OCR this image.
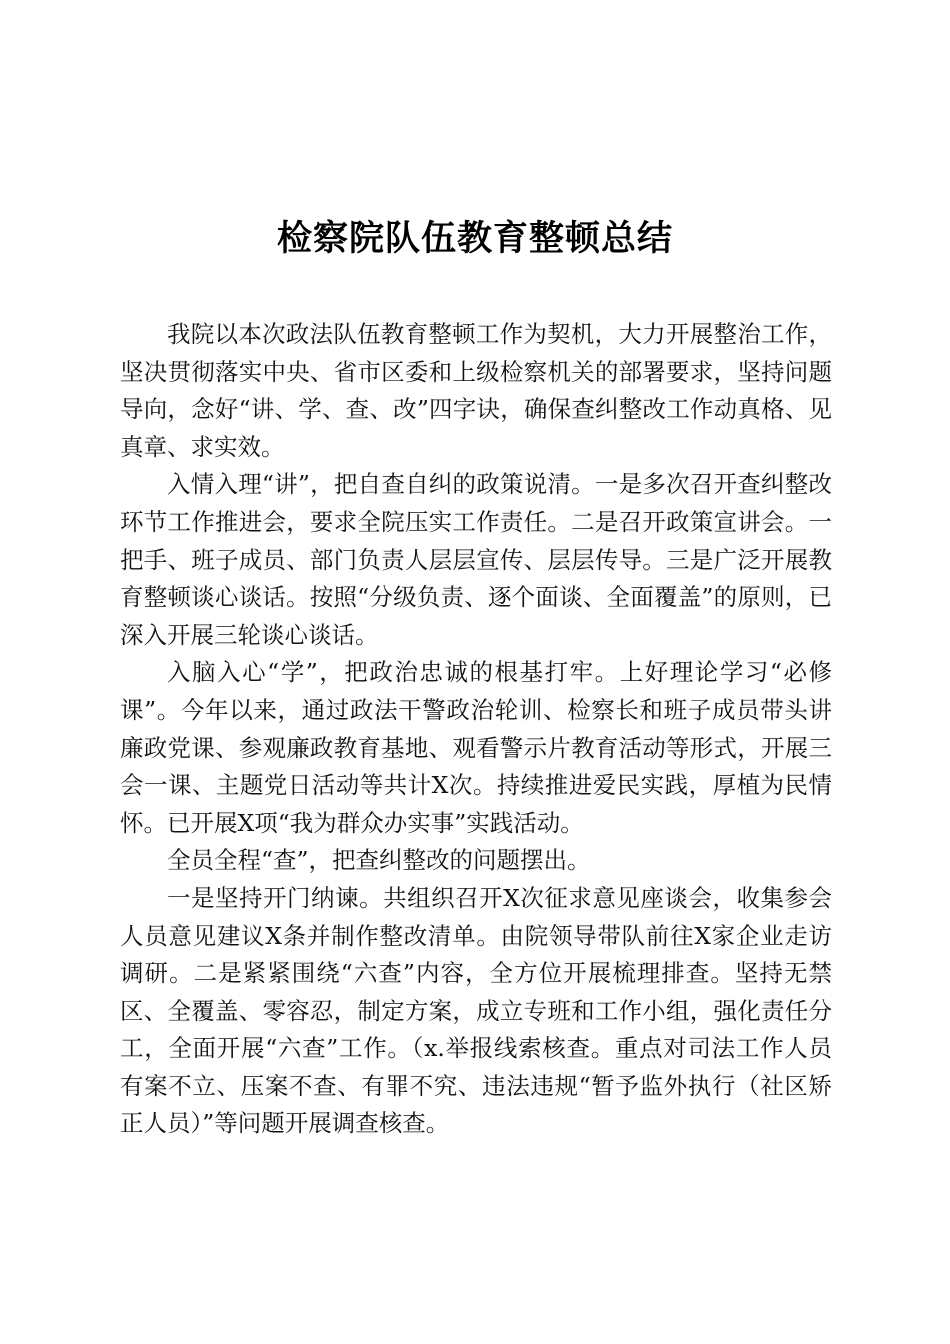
检察院队伍教育整顿总结

我院以本次政法队伍教育整顿工作为契机，大力开展整治工作，坚决贯彻落实中央、省市区委和上级检察机关的部署要求，坚持问题导向，念好“讲、学、查、改”四字诀，确保查纠整改工作动真格、见真章、求实效。

入情入理“讲”，把自查自纠的政策说清。一是多次召开查纠整改环节工作推进会，要求全院压实工作责任。二是召开政策宣讲会。一把手、班子成员、部门负责人层层宣传、层层传导。三是广泛开展教育整顿谈心谈话。按照“分级负责、逐个面谈、全面覆盖”的原则，已深入开展三轮谈心谈话。

入脑入心“学”，把政治忠诚的根基打牢。上好理论学习“必修课”。今年以来，通过政法干警政治轮训、检察长和班子成员带头讲廉政党课、参观廉政教育基地、观看警示片教育活动等形式，开展三会一课、主题党日活动等共计X次。持续推进爱民实践，厚植为民情怀。已开展X项“我为群众办实事”实践活动。

全员全程“查”，把查纠整改的问题摆出。

一是坚持开门纳谏。共组织召开X次征求意见座谈会，收集参会人员意见建议X条并制作整改清单。由院领导带队前往X家企业走访调研。二是紧紧围绕“六查”内容，全方位开展梳理排查。坚持无禁区、全覆盖、零容忍，制定方案，成立专班和工作小组，强化责任分工，全面开展“六查”工作。（x.举报线索核查。重点对司法工作人员有案不立、压案不查、有罪不究、违法违规“暂予监外执行（社区矫正人员）”等问题开展调查核查。
